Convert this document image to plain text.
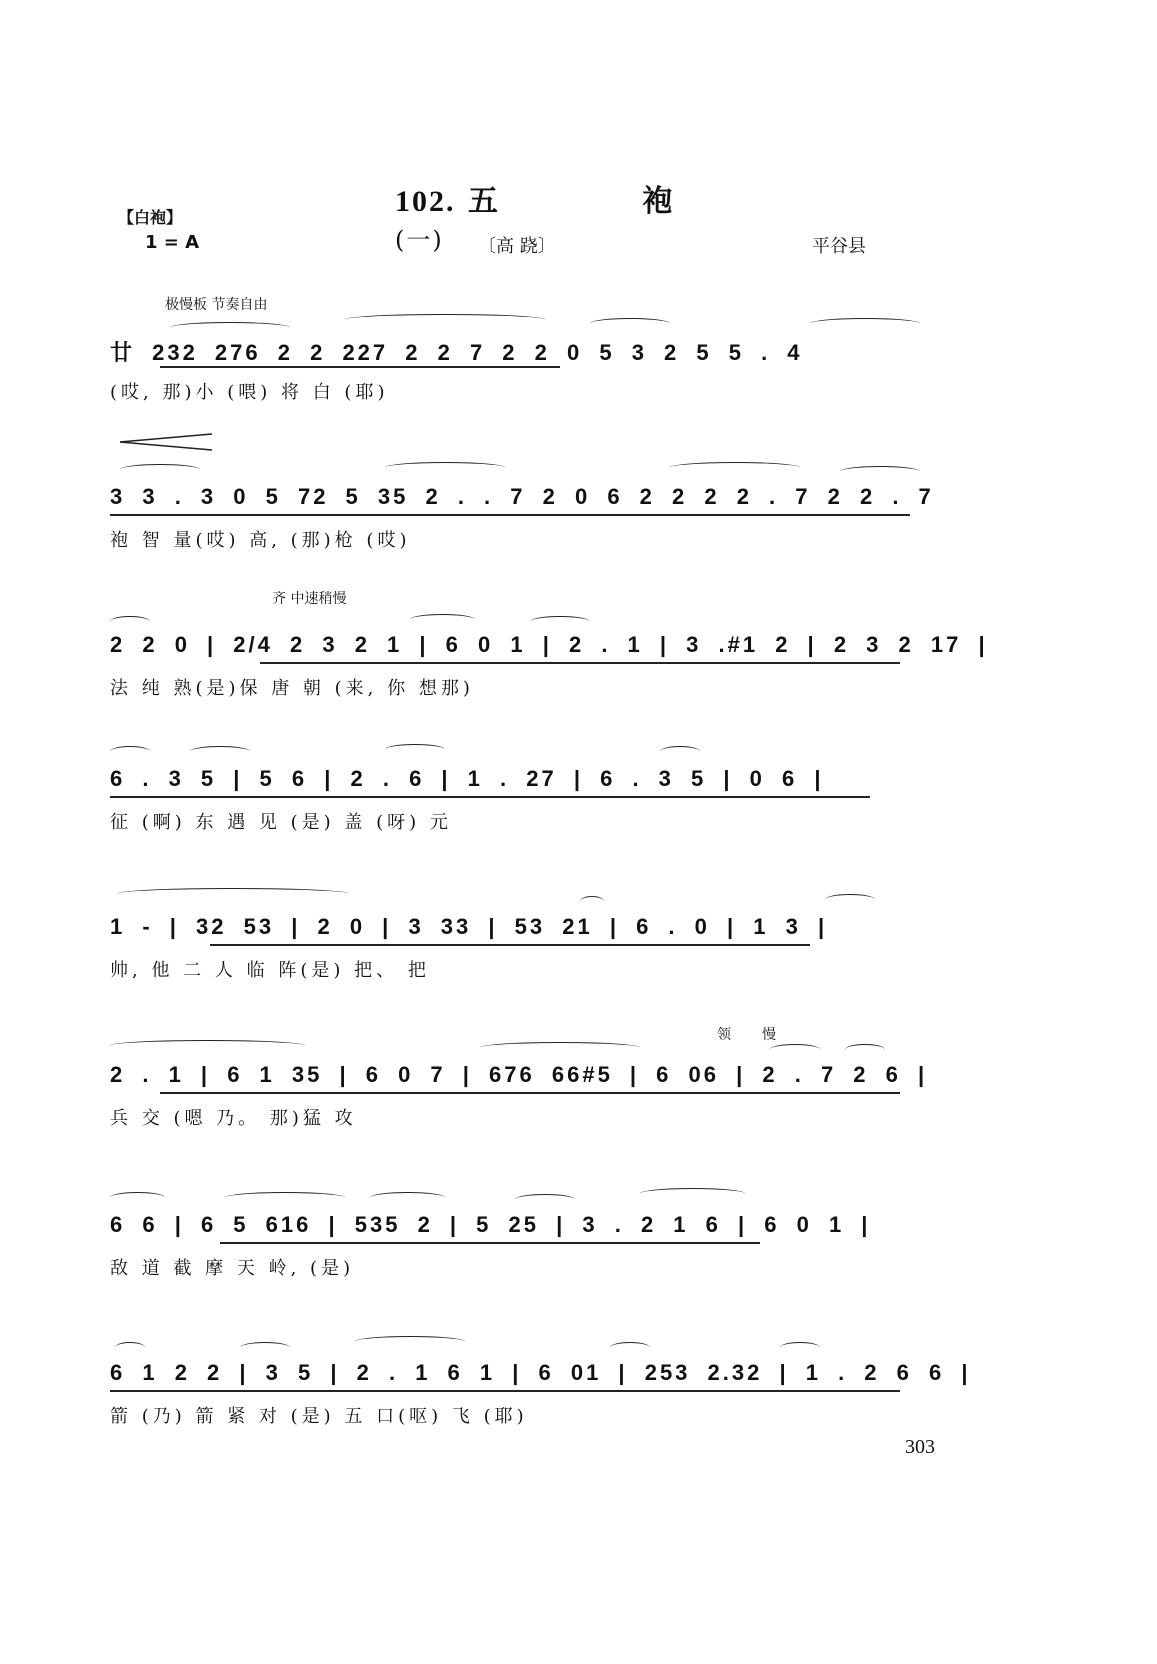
102. 五	袍 (一)
【白袍】
1 = A	〔高 跷〕	平谷县
极慢板 节奏自由
廿 232 276 2 2 227 2 2 7 2 2 0 5 3 2 5 5 . 4
(哎, 那)小 (喂) 将 白 (耶)
3 3 . 3 0 5 72 5 35 2 . . 7 2 0 6 2 2 2 2 . 7 2 2 . 7
袍 智 量(哎) 高, (那)枪 (哎)
齐 中速稍慢
2 2 0 | 2/4 2 3 2 1 | 6 0 1 | 2 . 1 | 3 .#1 2 | 2 3 2 17 |
法 纯 熟(是)保 唐 朝 (来, 你 想那)
6 . 3 5 | 5 6 | 2 . 6 | 1 . 27 | 6 . 3 5 | 0 6 |
征 (啊) 东 遇 见 (是) 盖 (呀) 元
1 - | 32 53 | 2 0 | 3 33 | 53 21 | 6 . 0 | 1 3 |
帅, 他 二 人 临 阵(是) 把、 把
领 慢
2 . 1 | 6 1 35 | 6 0 7 | 676 66#5 | 6 06 | 2 . 7 2 6 |
兵 交 (嗯 乃。 那)猛 攻
6 6 | 6 5 616 | 535 2 | 5 25 | 3 . 2 1 6 | 6 0 1 |
敌 道 截 摩 天 岭, (是)
6 1 2 2 | 3 5 | 2 . 1 6 1 | 6 01 | 253 2.32 | 1 . 2 6 6 |
箭 (乃) 箭 紧 对 (是) 五 口(呕) 飞 (耶)
303
